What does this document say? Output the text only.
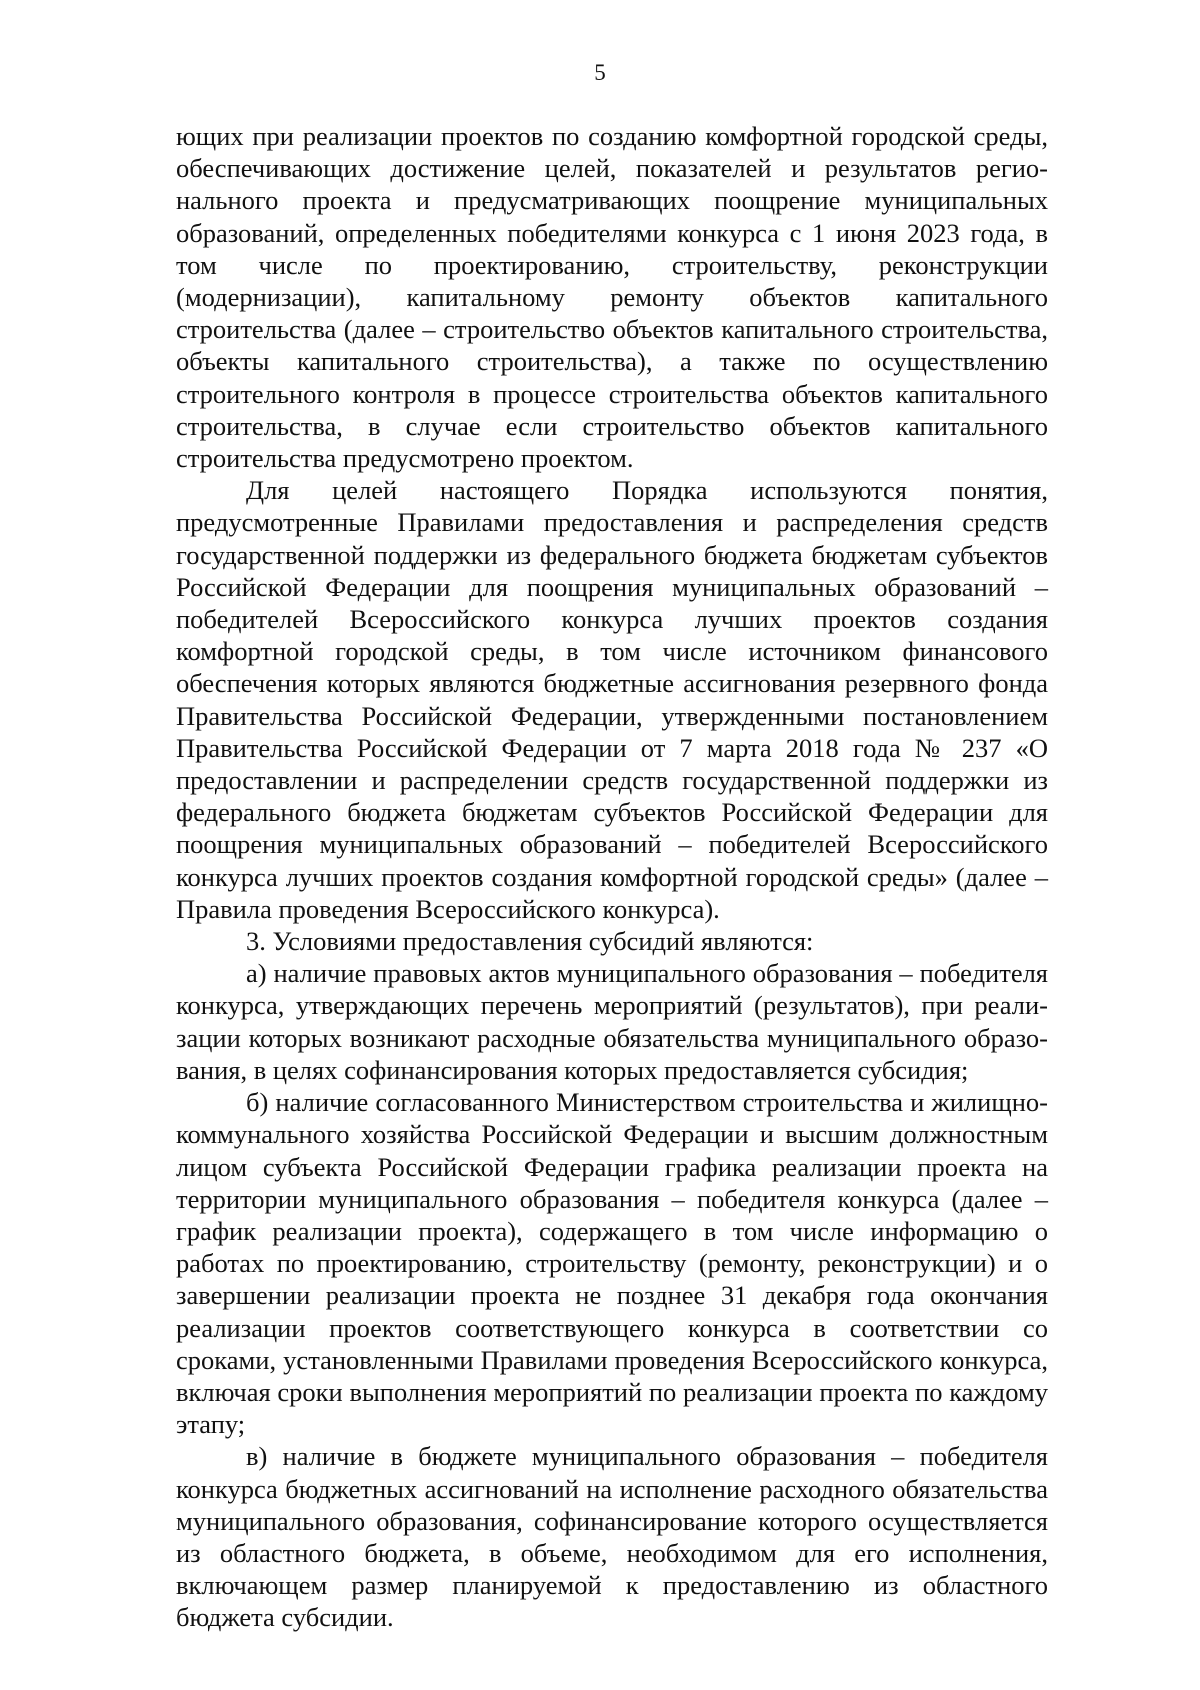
5

ющих при реализации проектов по созданию комфортной городской среды, обеспечивающих достижение целей, показателей и результатов регионального проекта и предусматривающих поощрение муниципальных образований, определенных победителями конкурса с 1 июня 2023 года, в том числе по проектированию, строительству, реконструкции (модернизации), капитальному ремонту объектов капитального строительства (далее – строительство объектов капитального строительства, объекты капитального строительства), а также по осуществлению строительного контроля в процессе строительства объектов капитального строительства, в случае если строительство объектов капитального строительства предусмотрено проектом.

Для целей настоящего Порядка используются понятия, предусмотренные Правилами предоставления и распределения средств государственной поддержки из федерального бюджета бюджетам субъектов Российской Федерации для поощрения муниципальных образований – победителей Всероссийского конкурса лучших проектов создания комфортной городской среды, в том числе источником финансового обеспечения которых являются бюджетные ассигнования резервного фонда Правительства Российской Федерации, утвержденными постановлением Правительства Российской Федерации от 7 марта 2018 года № 237 «О предоставлении и распределении средств государственной поддержки из федерального бюджета бюджетам субъектов Российской Федерации для поощрения муниципальных образований – победителей Всероссийского конкурса лучших проектов создания комфортной городской среды» (далее – Правила проведения Всероссийского конкурса).

3. Условиями предоставления субсидий являются:

а) наличие правовых актов муниципального образования – победителя конкурса, утверждающих перечень мероприятий (результатов), при реализации которых возникают расходные обязательства муниципального образования, в целях софинансирования которых предоставляется субсидия;

б) наличие согласованного Министерством строительства и жилищно-коммунального хозяйства Российской Федерации и высшим должностным лицом субъекта Российской Федерации графика реализации проекта на территории муниципального образования – победителя конкурса (далее – график реализации проекта), содержащего в том числе информацию о работах по проектированию, строительству (ремонту, реконструкции) и о завершении реализации проекта не позднее 31 декабря года окончания реализации проектов соответствующего конкурса в соответствии со сроками, установленными Правилами проведения Всероссийского конкурса, включая сроки выполнения мероприятий по реализации проекта по каждому этапу;

в) наличие в бюджете муниципального образования – победителя конкурса бюджетных ассигнований на исполнение расходного обязательства муниципального образования, софинансирование которого осуществляется из областного бюджета, в объеме, необходимом для его исполнения, включающем размер планируемой к предоставлению из областного бюджета субсидии.
